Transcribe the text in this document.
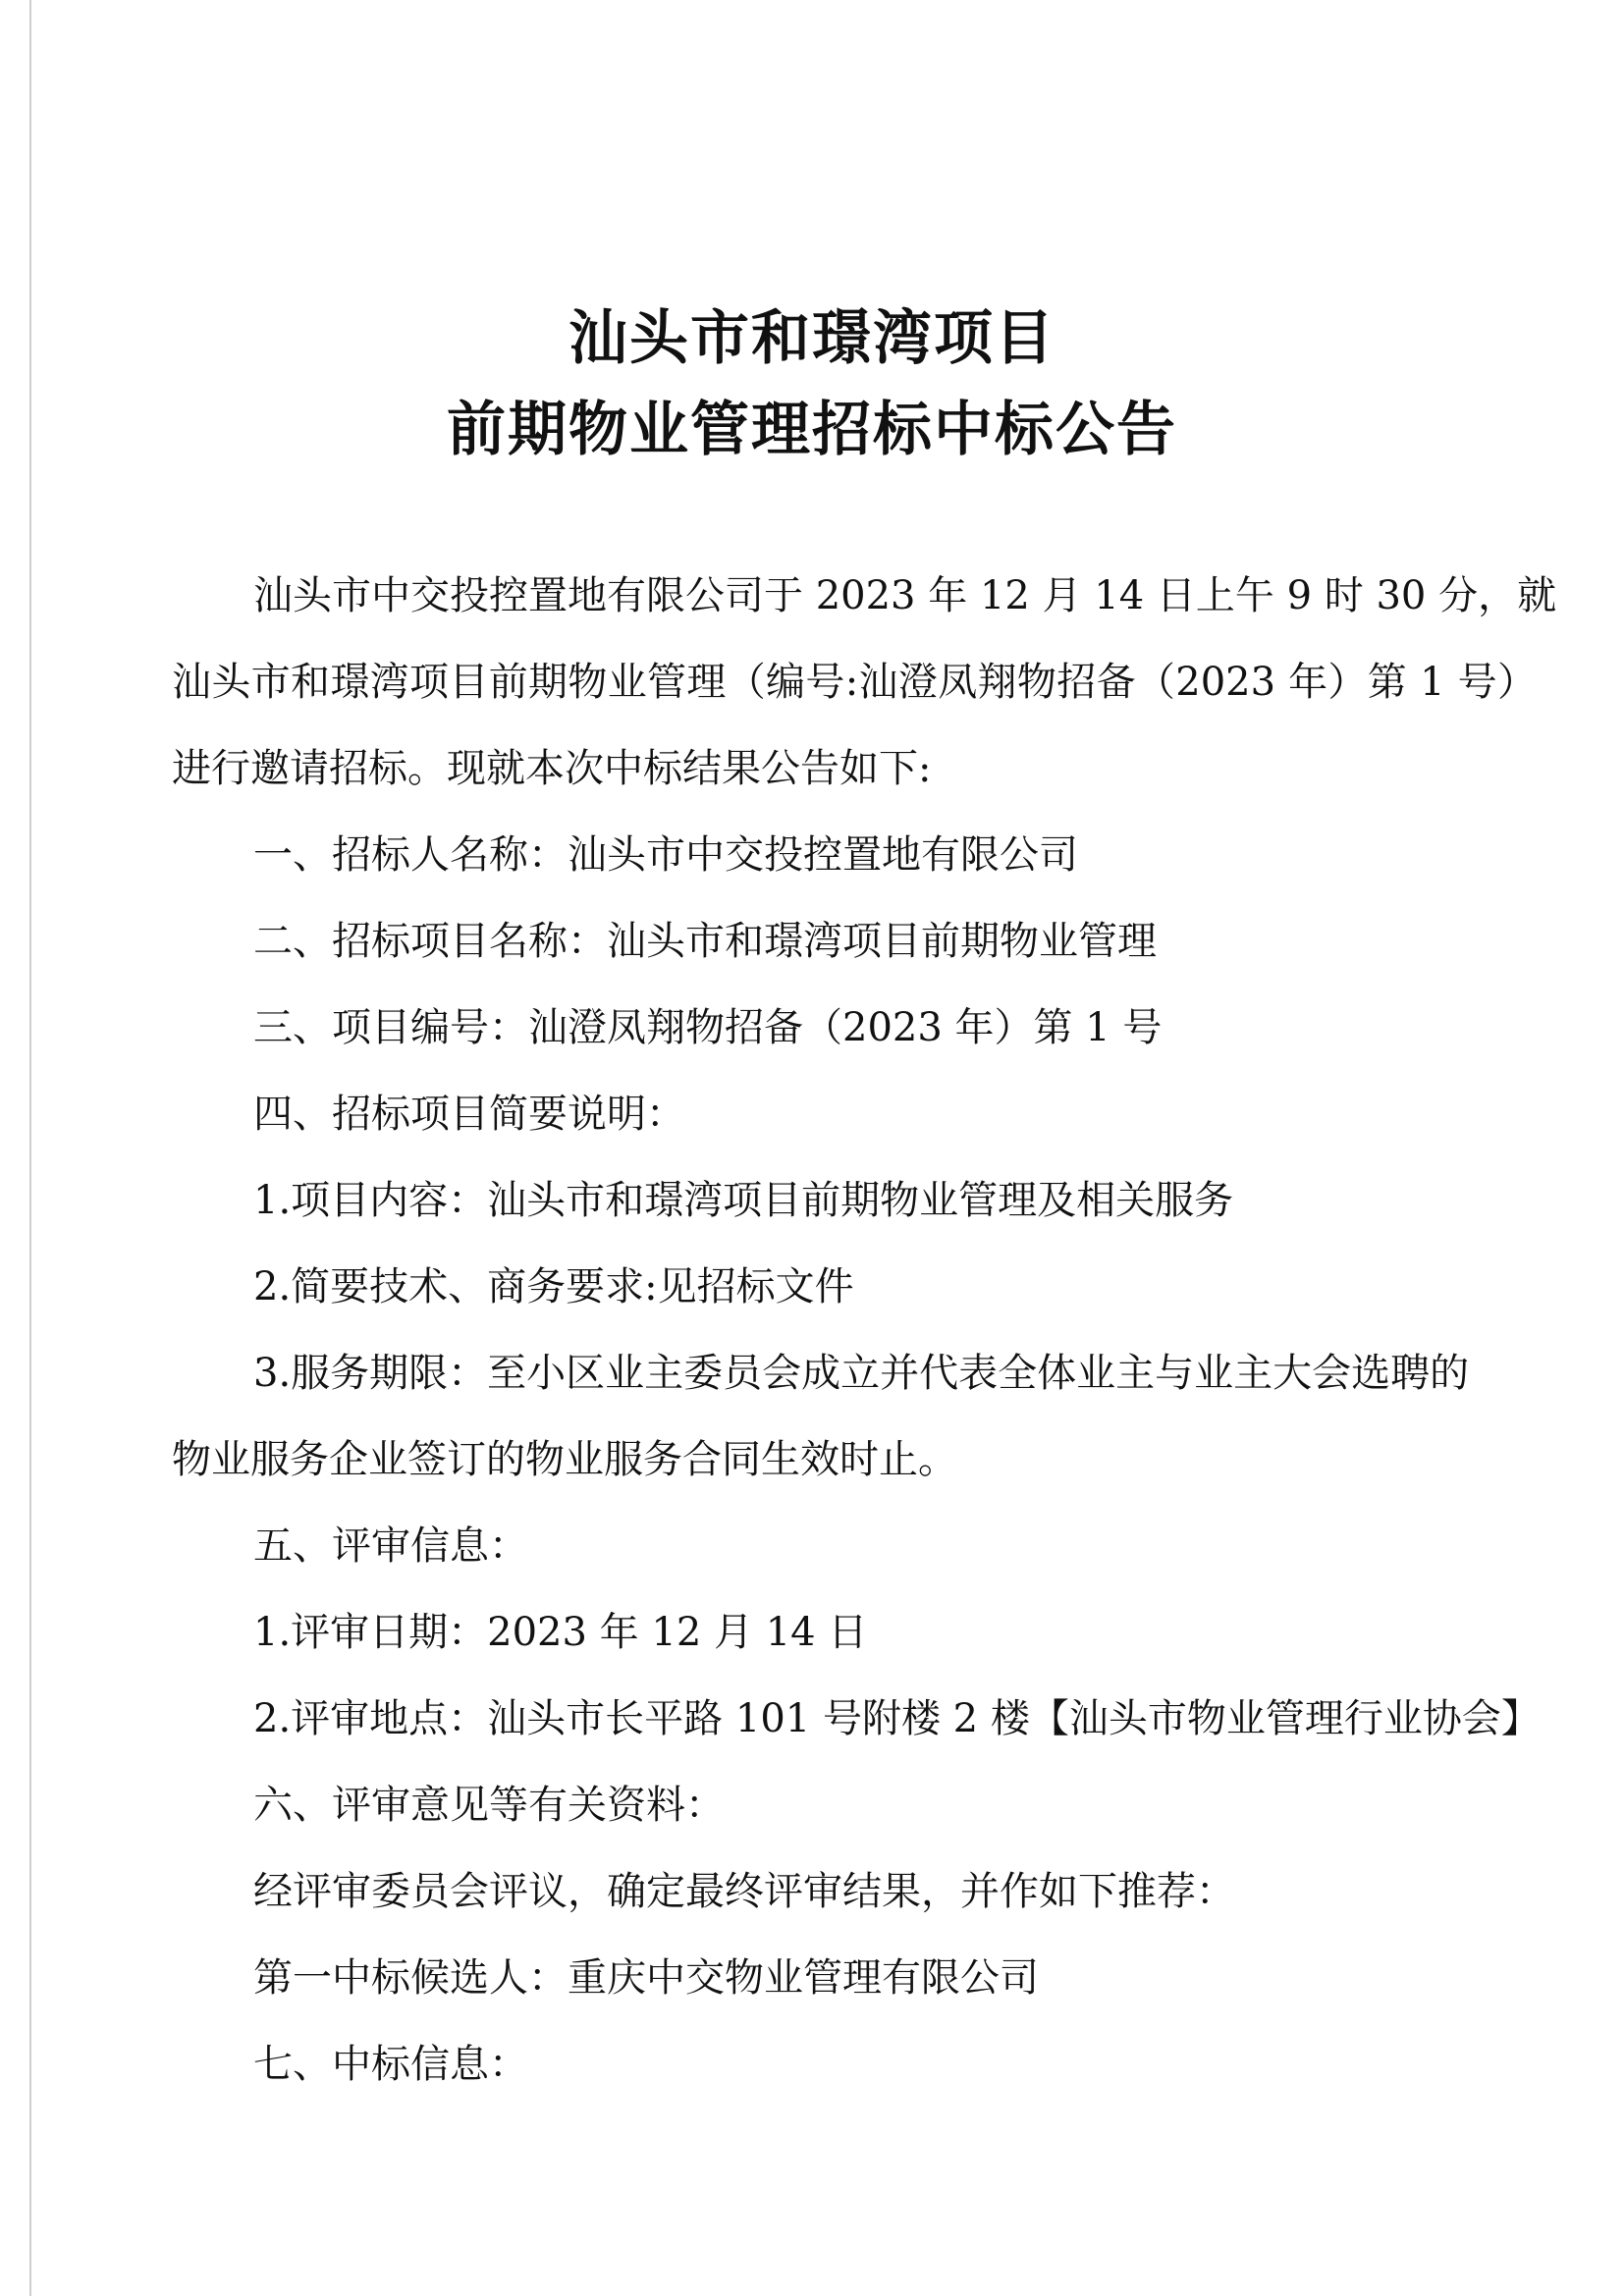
汕头市和璟湾项目
前期物业管理招标中标公告
汕头市中交投控置地有限公司于 2023 年 12 月 14 日上午 9 时 30 分，就
汕头市和璟湾项目前期物业管理（编号:汕澄凤翔物招备（2023 年）第 1 号）
进行邀请招标。现就本次中标结果公告如下:
一、招标人名称：汕头市中交投控置地有限公司
二、招标项目名称：汕头市和璟湾项目前期物业管理
三、项目编号：汕澄凤翔物招备（2023 年）第 1 号
四、招标项目简要说明：
1.项目内容：汕头市和璟湾项目前期物业管理及相关服务
2.简要技术、商务要求:见招标文件
3.服务期限：至小区业主委员会成立并代表全体业主与业主大会选聘的
物业服务企业签订的物业服务合同生效时止。
五、评审信息：
1.评审日期：2023 年 12 月 14 日
2.评审地点：汕头市长平路 101 号附楼 2 楼【汕头市物业管理行业协会】
六、评审意见等有关资料：
经评审委员会评议，确定最终评审结果，并作如下推荐：
第一中标候选人：重庆中交物业管理有限公司
七、中标信息：
